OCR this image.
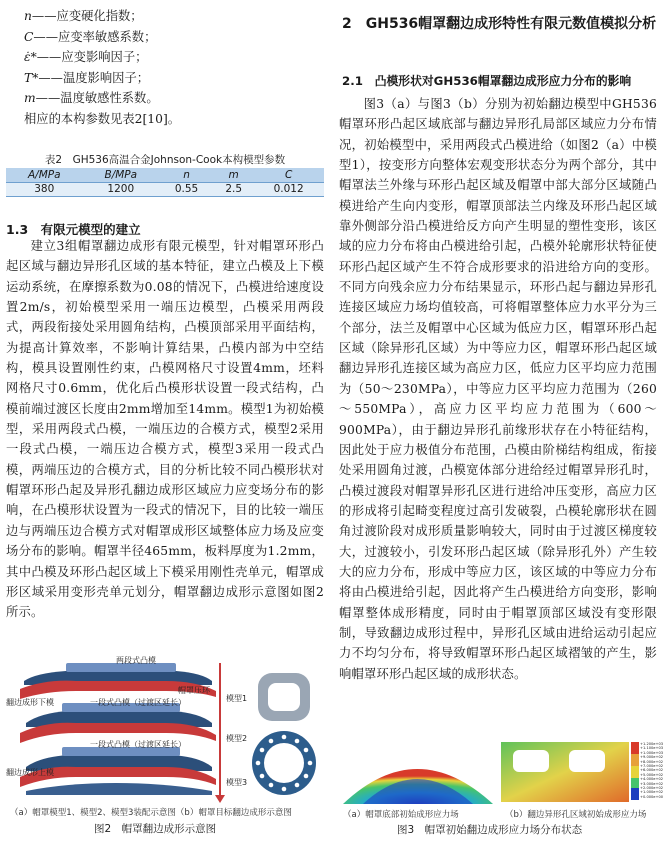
n——应变硬化指数；
C——应变率敏感系数；
ε̇*——应变影响因子；
T*——温度影响因子；
m——温度敏感性系数。
相应的本构参数见表2[10]。
表2　GH536高温合金Johnson-Cook本构模型参数
A/MPa	B/MPa	n	m	C
380	1200	0.55	2.5	0.012
1.3　有限元模型的建立
建立3组帽罩翻边成形有限元模型，针对帽罩环形凸起区域与翻边异形孔区域的基本特征，建立凸模及上下模运动系统，在摩擦系数为0.08的情况下，凸模进给速度设置2m/s，初始模型采用一端压边模型，凸模采用两段式，两段衔接处采用圆角结构，凸模顶部采用平面结构，为提高计算效率，不影响计算结果，凸模内部为中空结构，模具设置刚性约束，凸模网格尺寸设置4mm，坯料网格尺寸0.6mm，优化后凸模形状设置一段式结构，凸模前端过渡区长度由2mm增加至14mm。模型1为初始模型，采用两段式凸模，一端压边的合模方式，模型2采用一段式凸模，一端压边合模方式，模型3采用一段式凸模，两端压边的合模方式，目的分析比较不同凸模形状对帽罩环形凸起及异形孔翻边成形区域应力应变场分布的影响，在凸模形状设置为一段式的情况下，目的比较一端压边与两端压边合模方式对帽罩成形区域整体应力场及应变场分布的影响。帽罩半径465mm，板料厚度为1.2mm，其中凸模及环形凸起区域上下模采用刚性壳单元，帽罩成形区域采用变形壳单元划分，帽罩翻边成形示意图如图2所示。
两段式凸模
翻边成形下模
帽罩压环
一段式凸模（过渡区延长）
一段式凸模（过渡区延长）
翻边成形上模
模型1
模型2
模型3
（a）帽罩模型1、模型2、模型3装配示意图（b）帽罩目标翻边成形示意图
图2　帽罩翻边成形示意图
2　GH536帽罩翻边成形特性有限元数值模拟分析
2.1　凸模形状对GH536帽罩翻边成形应力分布的影响
图3（a）与图3（b）分别为初始翻边模型中GH536帽罩环形凸起区域底部与翻边异形孔局部区域应力分布情况，初始模型中，采用两段式凸模进给（如图2（a）中模型1），按变形方向整体宏观变形状态分为两个部分，其中帽罩法兰外缘与环形凸起区域及帽罩中部大部分区域随凸模进给产生向内变形，帽罩顶部法兰内缘及环形凸起区域靠外侧部分沿凸模进给反方向产生明显的塑性变形，该区域的应力分布将由凸模进给引起，凸模外轮廓形状特征使环形凸起区域产生不符合成形要求的沿进给方向的变形。不同方向残余应力分布结果显示，环形凸起与翻边异形孔连接区域应力场均值较高，可将帽罩整体应力水平分为三个部分，法兰及帽罩中心区域为低应力区，帽罩环形凸起区域（除异形孔区域）为中等应力区，帽罩环形凸起区域翻边异形孔连接区域为高应力区，低应力区平均应力范围为（50～230MPa），中等应力区平均应力范围为（260～550MPa），高应力区平均应力范围为（600～900MPa），由于翻边异形孔前缘形状存在小特征结构，因此处于应力极值分布范围，凸模由阶梯结构组成，衔接处采用圆角过渡，凸模宽体部分进给经过帽罩异形孔时，凸模过渡段对帽罩异形孔区进行进给冲压变形，高应力区的形成将引起畸变程度过高引发破裂，凸模轮廓形状在圆角过渡阶段对成形质量影响较大，同时由于过渡区梯度较大，过渡较小，引发环形凸起区域（除异形孔外）产生较大的应力分布，形成中等应力区，该区域的中等应力分布将由凸模进给引起，因此将产生凸模进给方向变形，影响帽罩整体成形精度，同时由于帽罩顶部区域没有变形限制，导致翻边成形过程中，异形孔区域由进给运动引起应力不均匀分布，将导致帽罩环形凸起区域褶皱的产生，影响帽罩环形凸起区域的成形状态。
+1.200e+03
+1.100e+03
+1.000e+03
+9.000e+02
+8.000e+02
+7.000e+02
+6.000e+02
+5.000e+02
+4.000e+02
+3.000e+02
+2.000e+02
+1.000e+02
+0.000e+00
（a）帽罩底部初始成形应力场	（b）翻边异形孔区域初始成形应力场
图3　帽罩初始翻边成形应力场分布状态
